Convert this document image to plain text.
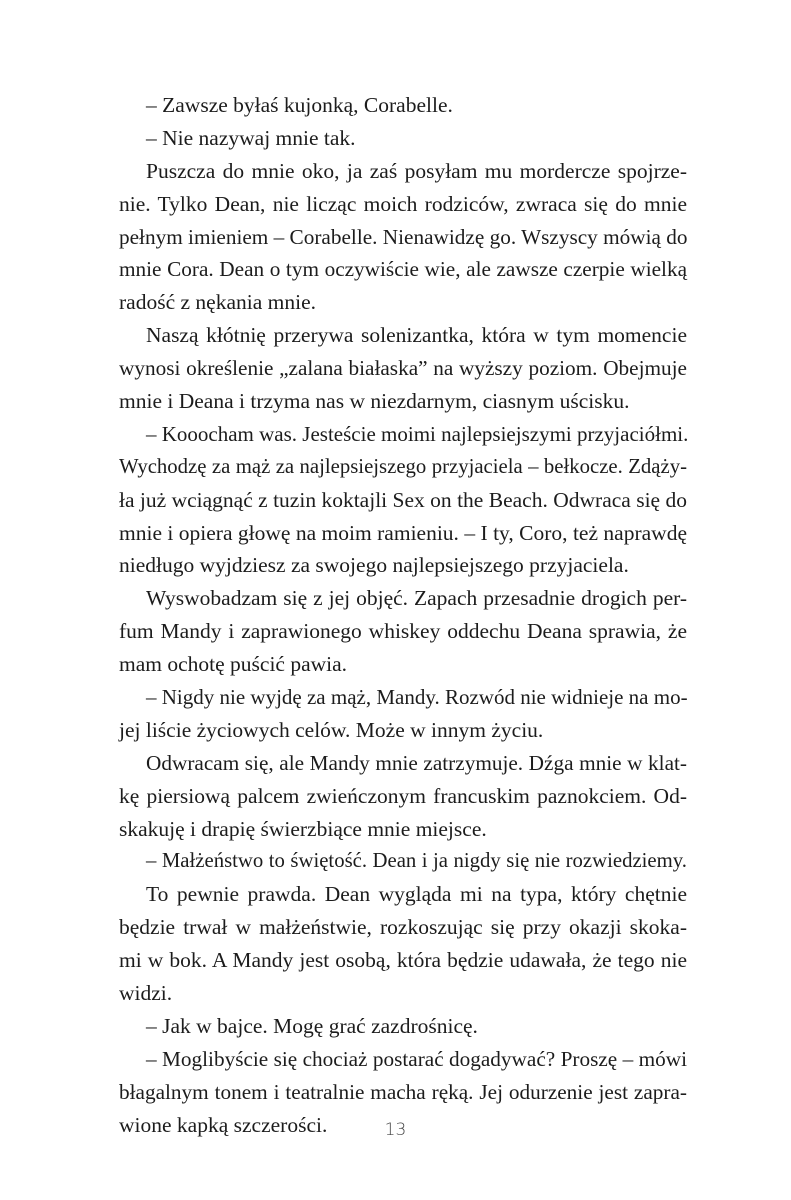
– Zawsze byłaś kujonką, Corabelle.
– Nie nazywaj mnie tak.
Puszcza do mnie oko, ja zaś posyłam mu mordercze spojrze-
nie. Tylko Dean, nie licząc moich rodziców, zwraca się do mnie
pełnym imieniem – Corabelle. Nienawidzę go. Wszyscy mówią do
mnie Cora. Dean o tym oczywiście wie, ale zawsze czerpie wielką
radość z nękania mnie.
Naszą kłótnię przerywa solenizantka, która w tym momencie
wynosi określenie „zalana białaska” na wyższy poziom. Obejmuje
mnie i Deana i trzyma nas w niezdarnym, ciasnym uścisku.
– Kooocham was. Jesteście moimi najlepsiejszymi przyjaciółmi.
Wychodzę za mąż za najlepsiejszego przyjaciela – bełkocze. Zdąży-
ła już wciągnąć z tuzin koktajli Sex on the Beach. Odwraca się do
mnie i opiera głowę na moim ramieniu. – I ty, Coro, też naprawdę
niedługo wyjdziesz za swojego najlepsiejszego przyjaciela.
Wyswobadzam się z jej objęć. Zapach przesadnie drogich per-
fum Mandy i zaprawionego whiskey oddechu Deana sprawia, że
mam ochotę puścić pawia.
– Nigdy nie wyjdę za mąż, Mandy. Rozwód nie widnieje na mo-
jej liście życiowych celów. Może w innym życiu.
Odwracam się, ale Mandy mnie zatrzymuje. Dźga mnie w klat-
kę piersiową palcem zwieńczonym francuskim paznokciem. Od-
skakuję i drapię świerzbiące mnie miejsce.
– Małżeństwo to świętość. Dean i ja nigdy się nie rozwiedziemy.
To pewnie prawda. Dean wygląda mi na typa, który chętnie
będzie trwał w małżeństwie, rozkoszując się przy okazji skoka-
mi w bok. A Mandy jest osobą, która będzie udawała, że tego nie
widzi.
– Jak w bajce. Mogę grać zazdrośnicę.
– Moglibyście się chociaż postarać dogadywać? Proszę – mówi
błagalnym tonem i teatralnie macha ręką. Jej odurzenie jest zapra-
wione kapką szczerości.	13
